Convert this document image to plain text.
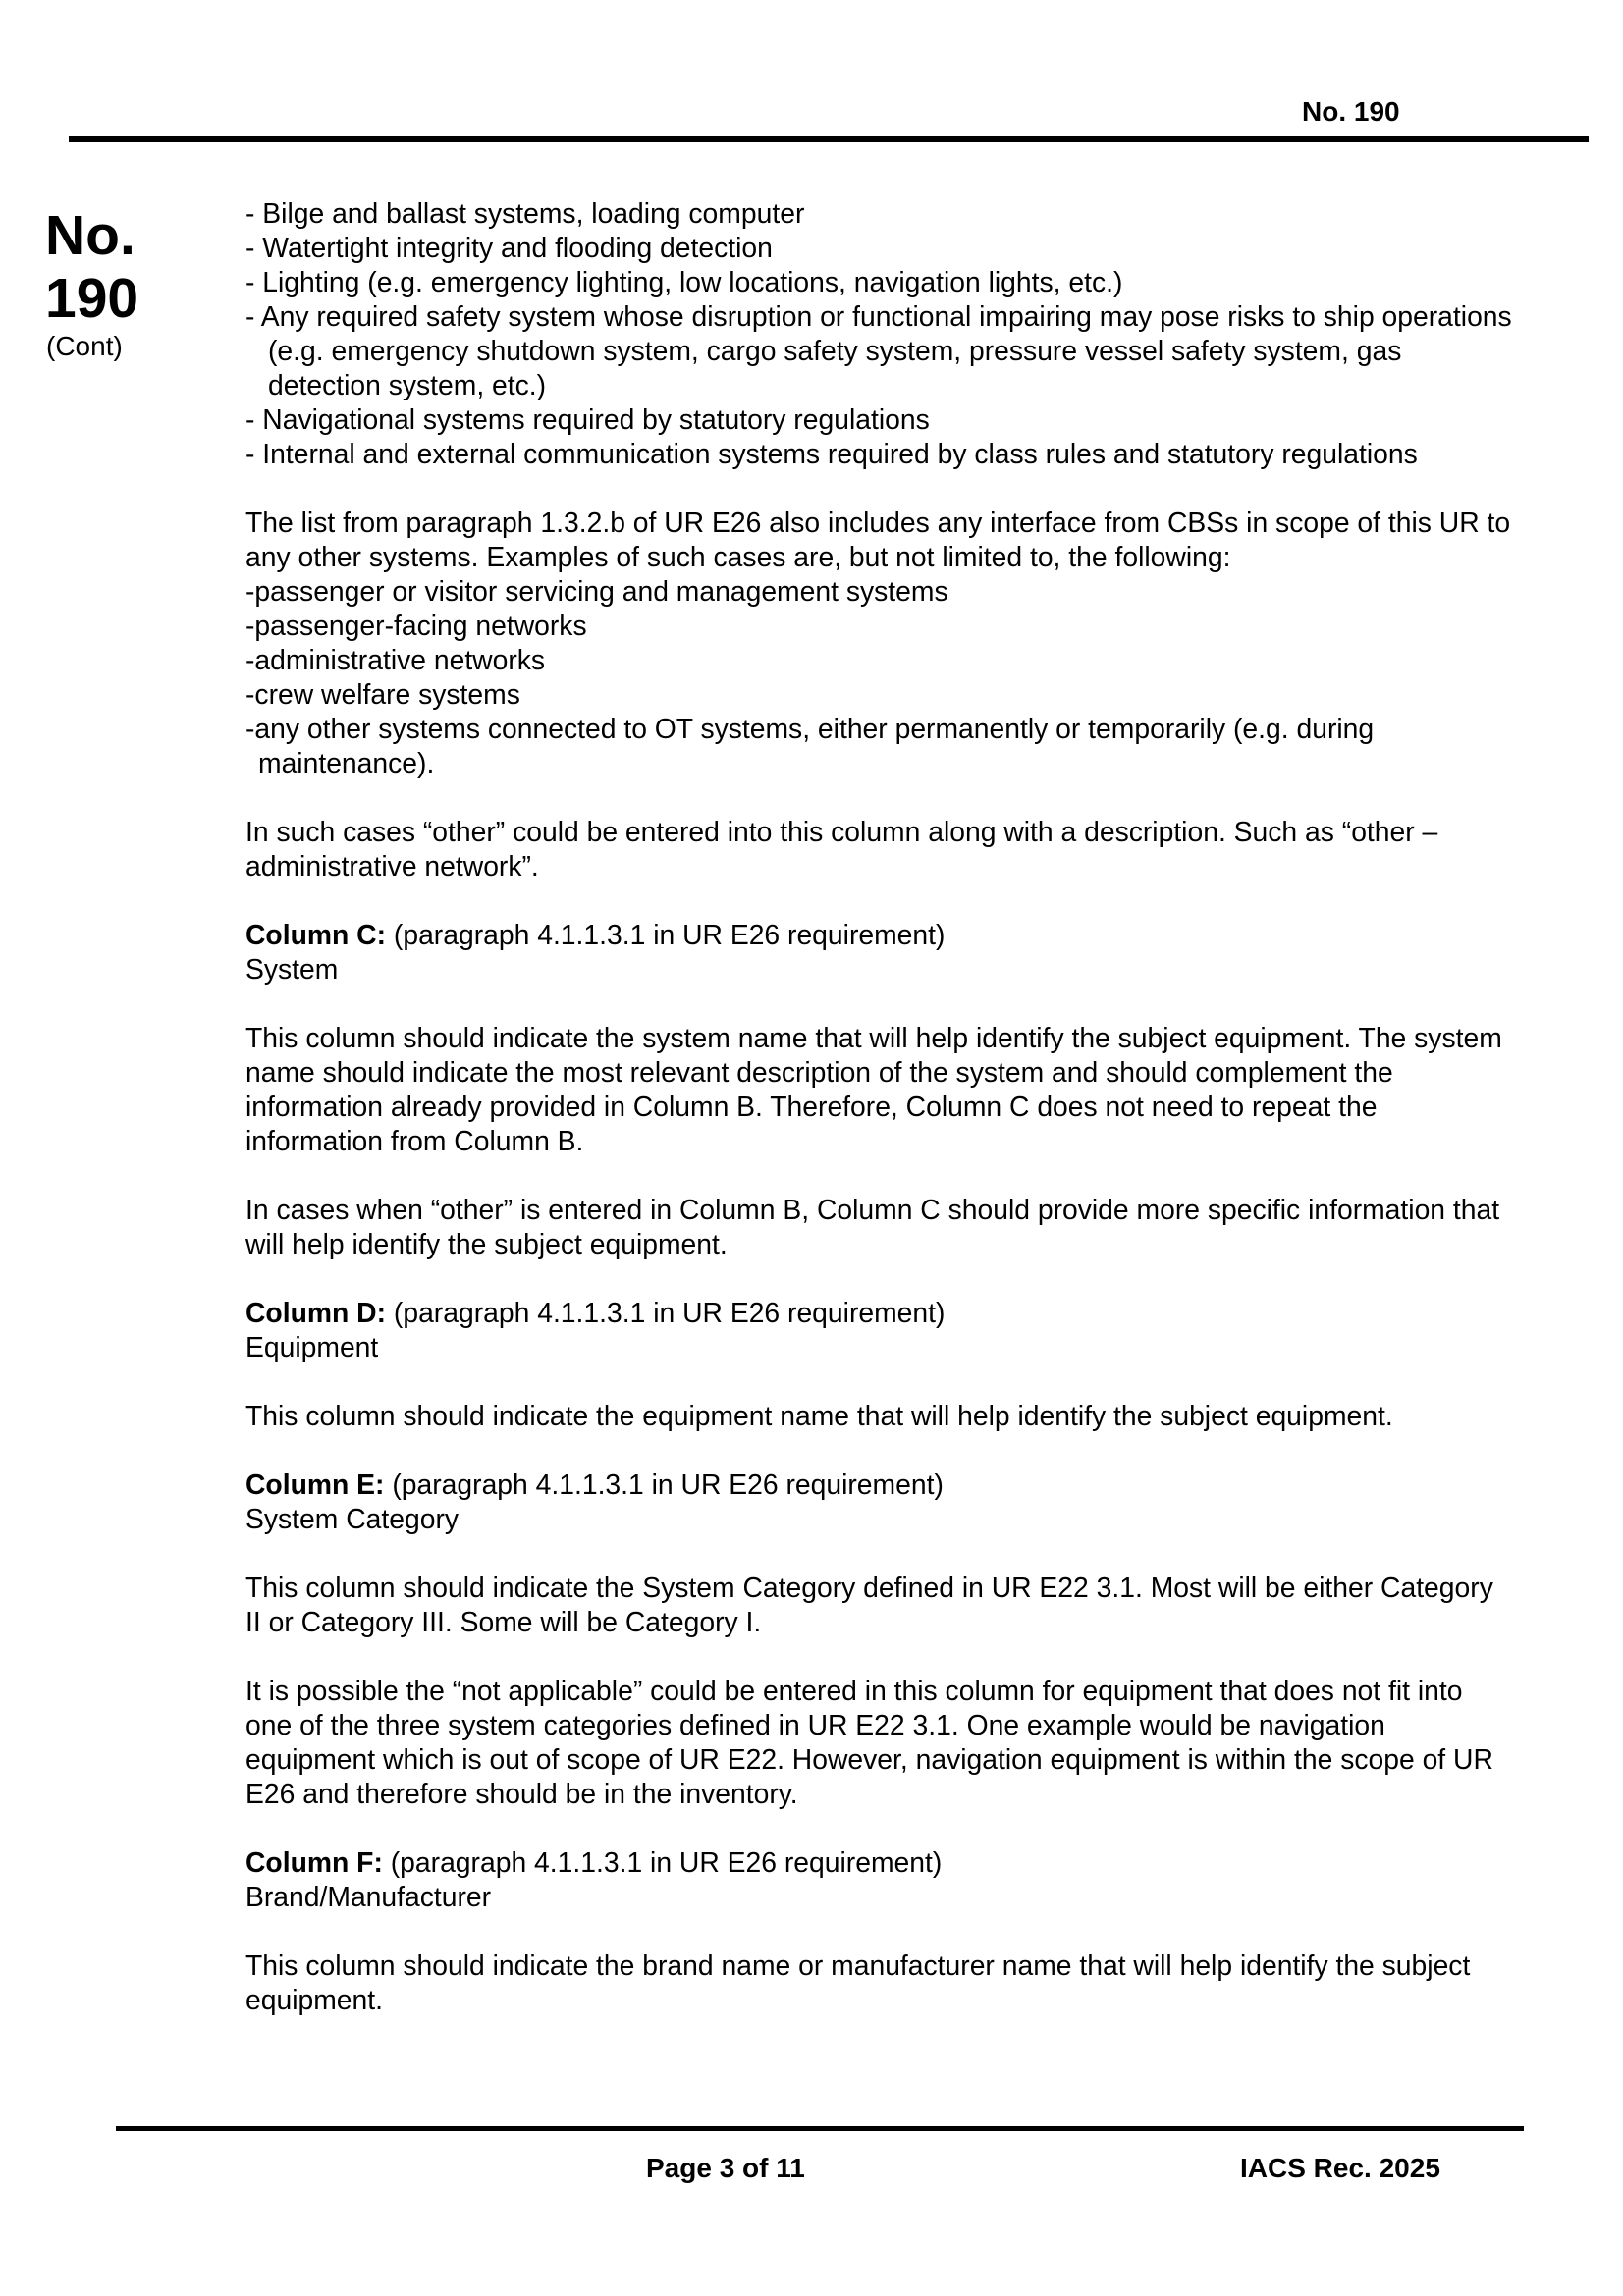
No. 190
No.
190
(Cont)

- Bilge and ballast systems, loading computer
- Watertight integrity and flooding detection
- Lighting (e.g. emergency lighting, low locations, navigation lights, etc.)
- Any required safety system whose disruption or functional impairing may pose risks to ship operations (e.g. emergency shutdown system, cargo safety system, pressure vessel safety system, gas detection system, etc.)
- Navigational systems required by statutory regulations
- Internal and external communication systems required by class rules and statutory regulations

The list from paragraph 1.3.2.b of UR E26 also includes any interface from CBSs in scope of this UR to any other systems. Examples of such cases are, but not limited to, the following:
-passenger or visitor servicing and management systems
-passenger-facing networks
-administrative networks
-crew welfare systems
-any other systems connected to OT systems, either permanently or temporarily (e.g. during maintenance).

In such cases “other” could be entered into this column along with a description. Such as “other – administrative network”.

Column C: (paragraph 4.1.1.3.1 in UR E26 requirement)
System

This column should indicate the system name that will help identify the subject equipment. The system name should indicate the most relevant description of the system and should complement the information already provided in Column B. Therefore, Column C does not need to repeat the information from Column B.

In cases when “other” is entered in Column B, Column C should provide more specific information that will help identify the subject equipment.

Column D: (paragraph 4.1.1.3.1 in UR E26 requirement)
Equipment

This column should indicate the equipment name that will help identify the subject equipment.

Column E: (paragraph 4.1.1.3.1 in UR E26 requirement)
System Category

This column should indicate the System Category defined in UR E22 3.1. Most will be either Category II or Category III. Some will be Category I.

It is possible the “not applicable” could be entered in this column for equipment that does not fit into one of the three system categories defined in UR E22 3.1. One example would be navigation equipment which is out of scope of UR E22. However, navigation equipment is within the scope of UR E26 and therefore should be in the inventory.

Column F: (paragraph 4.1.1.3.1 in UR E26 requirement)
Brand/Manufacturer

This column should indicate the brand name or manufacturer name that will help identify the subject equipment.

Page 3 of 11	IACS Rec. 2025
